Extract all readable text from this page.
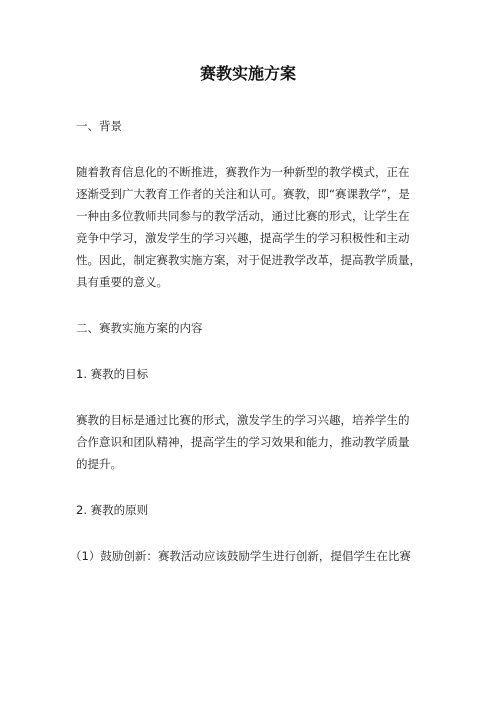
赛教实施方案
一、背景
随着教育信息化的不断推进，赛教作为一种新型的教学模式，正在
逐渐受到广大教育工作者的关注和认可。赛教，即“赛课教学”，是
一种由多位教师共同参与的教学活动，通过比赛的形式，让学生在
竞争中学习，激发学生的学习兴趣，提高学生的学习积极性和主动
性。因此，制定赛教实施方案，对于促进教学改革，提高教学质量，
具有重要的意义。
二、赛教实施方案的内容
1. 赛教的目标
赛教的目标是通过比赛的形式，激发学生的学习兴趣，培养学生的
合作意识和团队精神，提高学生的学习效果和能力，推动教学质量
的提升。
2. 赛教的原则
（1）鼓励创新：赛教活动应该鼓励学生进行创新，提倡学生在比赛
